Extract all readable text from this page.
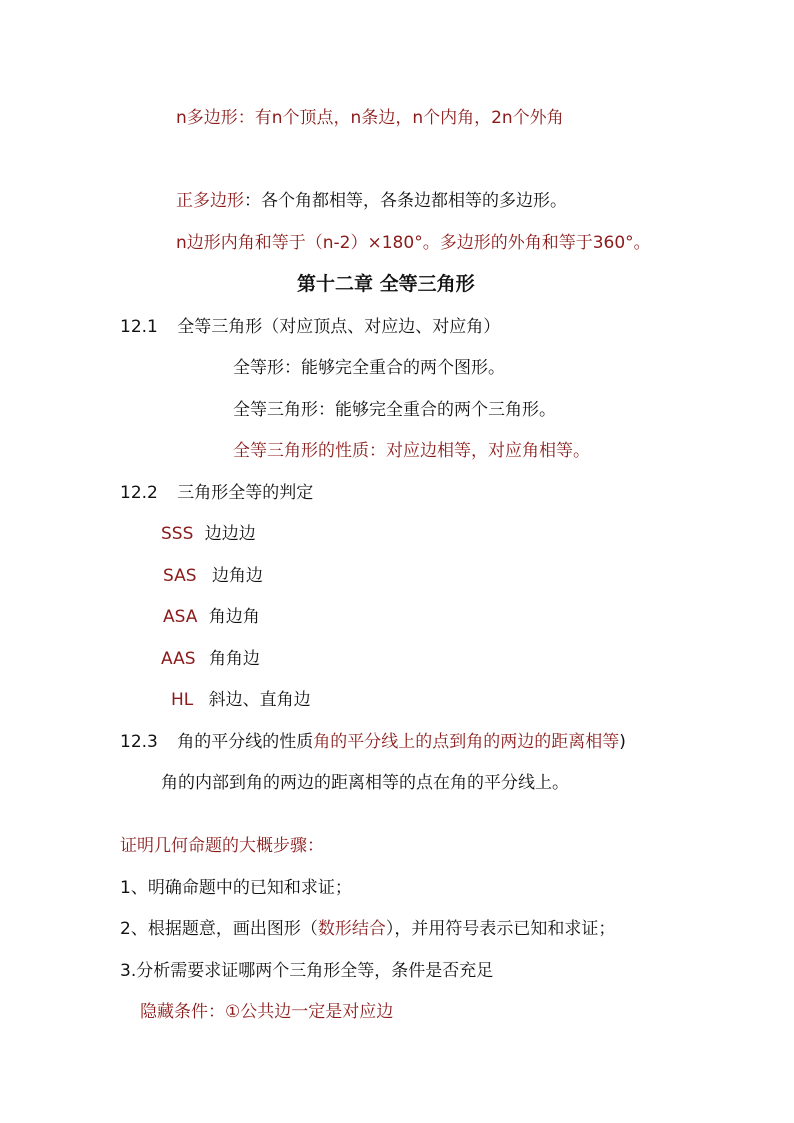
n多边形：有n个顶点，n条边，n个内角，2n个外角
正多边形：各个角都相等，各条边都相等的多边形。
n边形内角和等于（n-2）×180°。多边形的外角和等于360°。
第十二章 全等三角形
12.1 全等三角形（对应顶点、对应边、对应角）
全等形：能够完全重合的两个图形。
全等三角形：能够完全重合的两个三角形。
全等三角形的性质：对应边相等，对应角相等。
12.2 三角形全等的判定
SSS 边边边
SAS 边角边
ASA 角边角
AAS 角角边
HL 斜边、直角边
12.3 角的平分线的性质角的平分线上的点到角的两边的距离相等)
角的内部到角的两边的距离相等的点在角的平分线上。
证明几何命题的大概步骤：
1、明确命题中的已知和求证；
2、根据题意，画出图形（数形结合），并用符号表示已知和求证；
3.分析需要求证哪两个三角形全等，条件是否充足
隐藏条件：①公共边一定是对应边
